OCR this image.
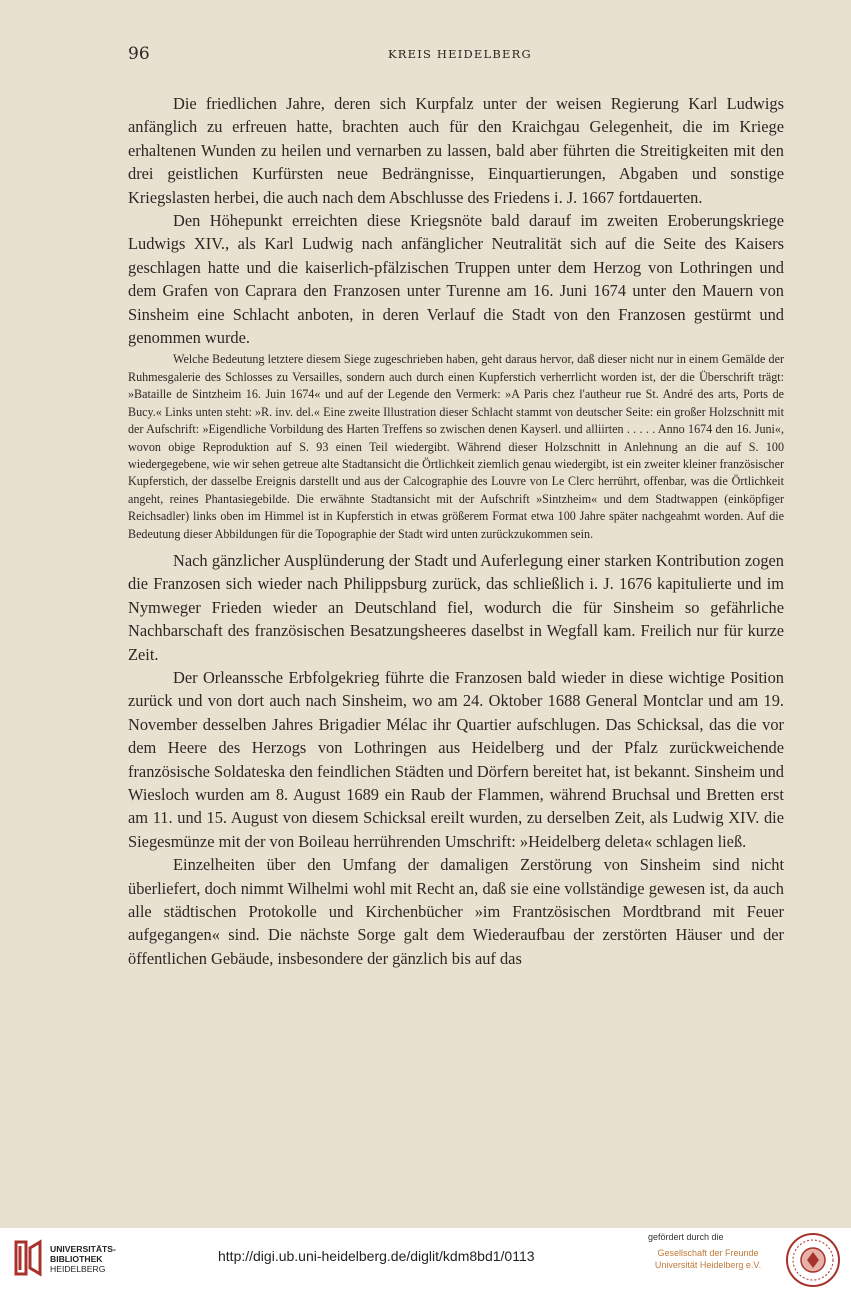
96	KREIS HEIDELBERG

Die friedlichen Jahre, deren sich Kurpfalz unter der weisen Regierung Karl Ludwigs anfänglich zu erfreuen hatte, brachten auch für den Kraichgau Gelegenheit, die im Kriege erhaltenen Wunden zu heilen und vernarben zu lassen, bald aber führten die Streitigkeiten mit den drei geistlichen Kurfürsten neue Bedrängnisse, Einquartierungen, Abgaben und sonstige Kriegslasten herbei, die auch nach dem Abschlusse des Friedens i. J. 1667 fortdauerten.

Den Höhepunkt erreichten diese Kriegsnöte bald darauf im zweiten Eroberungskriege Ludwigs XIV., als Karl Ludwig nach anfänglicher Neutralität sich auf die Seite des Kaisers geschlagen hatte und die kaiserlich-pfälzischen Truppen unter dem Herzog von Lothringen und dem Grafen von Caprara den Franzosen unter Turenne am 16. Juni 1674 unter den Mauern von Sinsheim eine Schlacht anboten, in deren Verlauf die Stadt von den Franzosen gestürmt und genommen wurde.

Welche Bedeutung letztere diesem Siege zugeschrieben haben, geht daraus hervor, daß dieser nicht nur in einem Gemälde der Ruhmesgalerie des Schlosses zu Versailles, sondern auch durch einen Kupferstich verherrlicht worden ist, der die Überschrift trägt: »Bataille de Sintzheim 16. Juin 1674« und auf der Legende den Vermerk: »A Paris chez l'autheur rue St. André des arts, Ports de Bucy.« Links unten steht: »R. inv. del.« Eine zweite Illustration dieser Schlacht stammt von deutscher Seite: ein großer Holzschnitt mit der Aufschrift: »Eigendliche Vorbildung des Harten Treffens so zwischen denen Kayserl. und alliirten . . . . . Anno 1674 den 16. Juni«, wovon obige Reproduktion auf S. 93 einen Teil wiedergibt. Während dieser Holzschnitt in Anlehnung an die auf S. 100 wiedergegebene, wie wir sehen getreue alte Stadtansicht die Örtlichkeit ziemlich genau wiedergibt, ist ein zweiter kleiner französischer Kupferstich, der dasselbe Ereignis darstellt und aus der Calcographie des Louvre von Le Clerc herrührt, offenbar, was die Örtlichkeit angeht, reines Phantasiegebilde. Die erwähnte Stadtansicht mit der Aufschrift »Sintzheim« und dem Stadtwappen (einköpfiger Reichsadler) links oben im Himmel ist in Kupferstich in etwas größerem Format etwa 100 Jahre später nachgeahmt worden. Auf die Bedeutung dieser Abbildungen für die Topographie der Stadt wird unten zurückzukommen sein.

Nach gänzlicher Ausplünderung der Stadt und Auferlegung einer starken Kontribution zogen die Franzosen sich wieder nach Philippsburg zurück, das schließlich i. J. 1676 kapitulierte und im Nymweger Frieden wieder an Deutschland fiel, wodurch die für Sinsheim so gefährliche Nachbarschaft des französischen Besatzungsheeres daselbst in Wegfall kam. Freilich nur für kurze Zeit.

Der Orleanssche Erbfolgekrieg führte die Franzosen bald wieder in diese wichtige Position zurück und von dort auch nach Sinsheim, wo am 24. Oktober 1688 General Montclar und am 19. November desselben Jahres Brigadier Mélac ihr Quartier aufschlugen. Das Schicksal, das die vor dem Heere des Herzogs von Lothringen aus Heidelberg und der Pfalz zurückweichende französische Soldateska den feindlichen Städten und Dörfern bereitet hat, ist bekannt. Sinsheim und Wiesloch wurden am 8. August 1689 ein Raub der Flammen, während Bruchsal und Bretten erst am 11. und 15. August von diesem Schicksal ereilt wurden, zu derselben Zeit, als Ludwig XIV. die Siegesmünze mit der von Boileau herrührenden Umschrift: »Heidelberg deleta« schlagen ließ.

Einzelheiten über den Umfang der damaligen Zerstörung von Sinsheim sind nicht überliefert, doch nimmt Wilhelmi wohl mit Recht an, daß sie eine vollständige gewesen ist, da auch alle städtischen Protokolle und Kirchenbücher »im Frantzösischen Mordtbrand mit Feuer aufgegangen« sind. Die nächste Sorge galt dem Wiederaufbau der zerstörten Häuser und der öffentlichen Gebäude, insbesondere der gänzlich bis auf das

UNIVERSITÄTS-
BIBLIOTHEK
HEIDELBERG
http://digi.ub.uni-heidelberg.de/diglit/kdm8bd1/0113
gefördert durch die
Gesellschaft der Freunde
Universität Heidelberg e.V.
